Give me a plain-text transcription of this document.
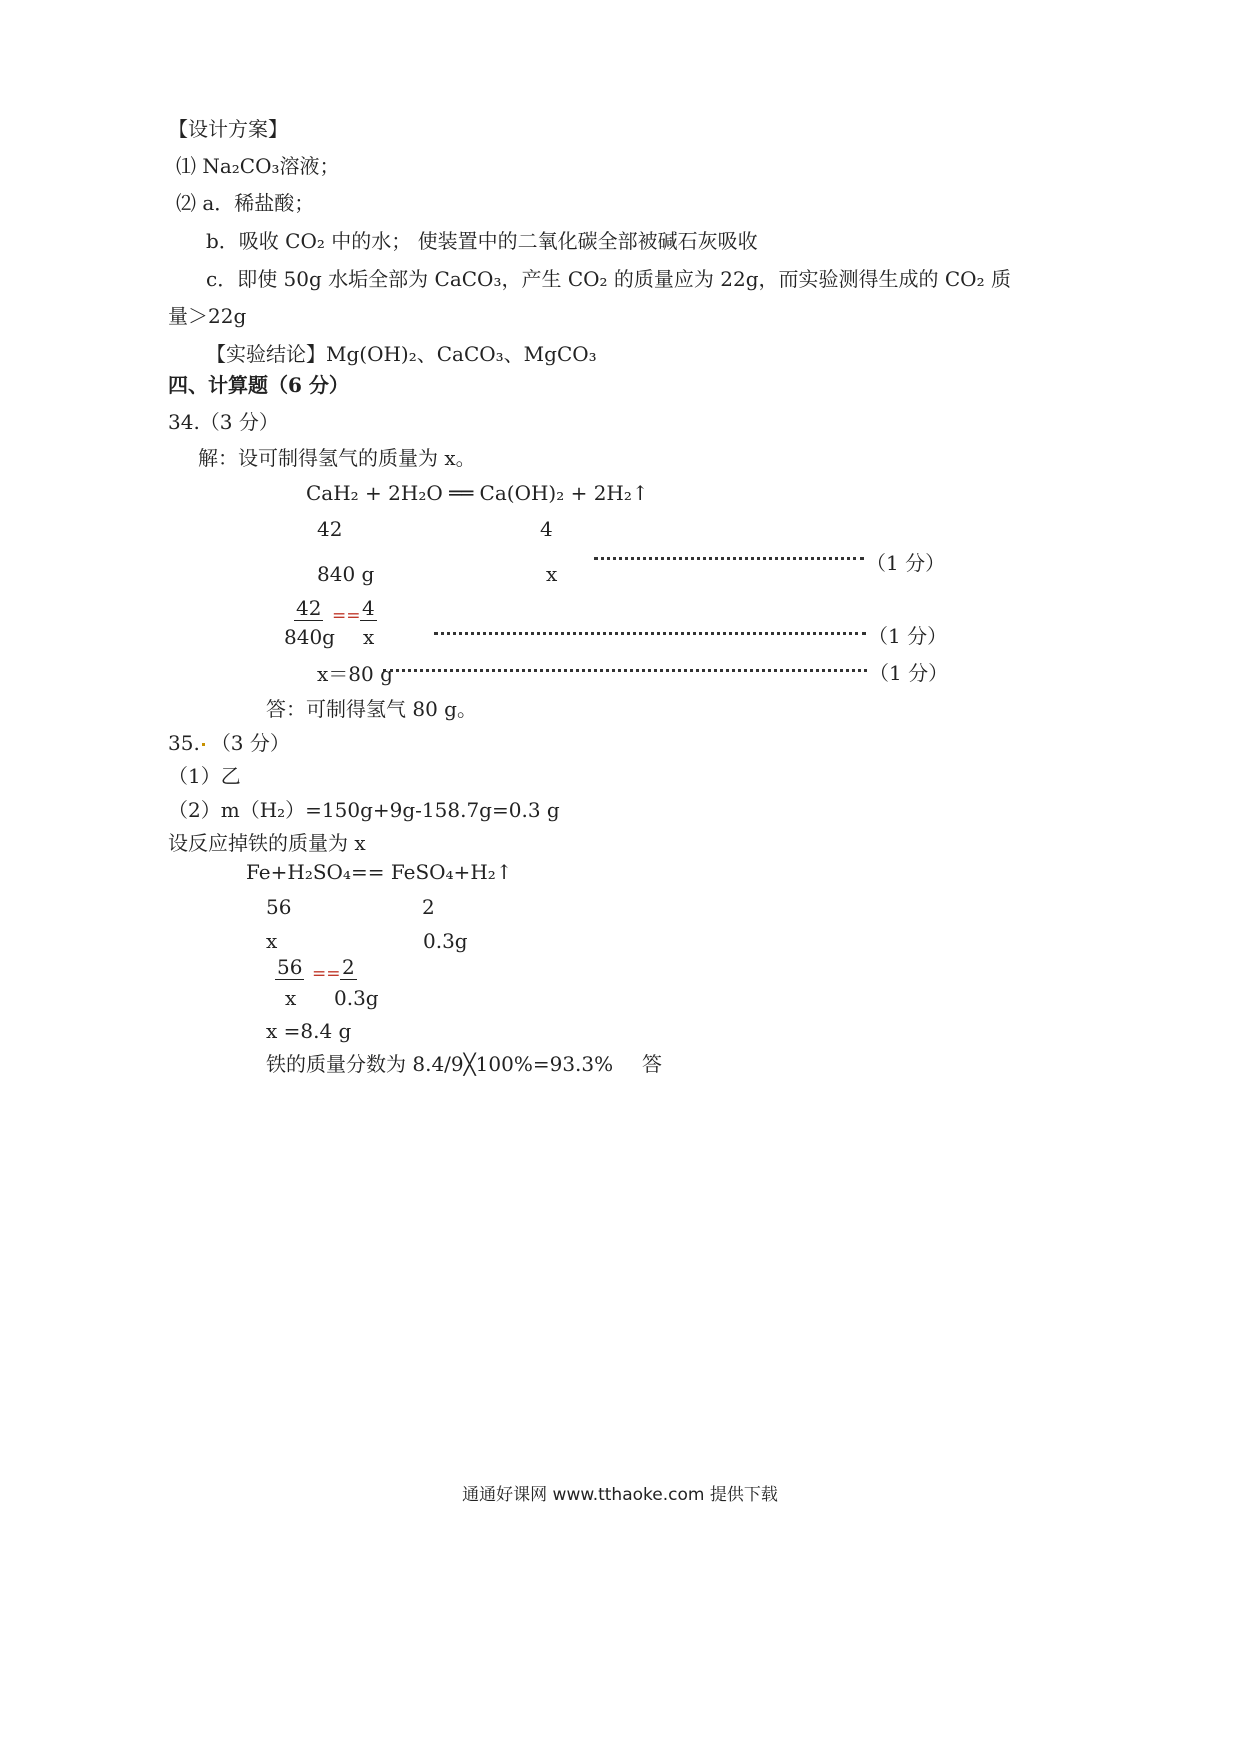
【设计方案】
⑴ Na₂CO₃溶液；
⑵ a．稀盐酸；
b．吸收 CO₂ 中的水； 使装置中的二氧化碳全部被碱石灰吸收
c．即使 50g 水垢全部为 CaCO₃，产生 CO₂ 的质量应为 22g，而实验测得生成的 CO₂ 质
量＞22g
【实验结论】Mg(OH)₂、CaCO₃、MgCO₃
四、计算题（6 分）
34.（3 分）
解：设可制得氢气的质量为 x。
CaH₂ + 2H₂O ══ Ca(OH)₂ + 2H₂↑
42	4
840 g	x	（1 分）
42
840g
== 4
x	（1 分）
x＝80 g	（1 分）
答：可制得氢气 80 g。
35. （3 分）
（1）乙
（2）m（H₂）=150g+9g-158.7g=0.3 g
设反应掉铁的质量为 x
Fe+H₂SO₄== FeSO₄+H₂↑
56	2
x	0.3g
56
x
== 2
0.3g
x =8.4 g
铁的质量分数为 8.4/9╳100%=93.3% 答
通通好课网 www.tthaoke.com 提供下载
